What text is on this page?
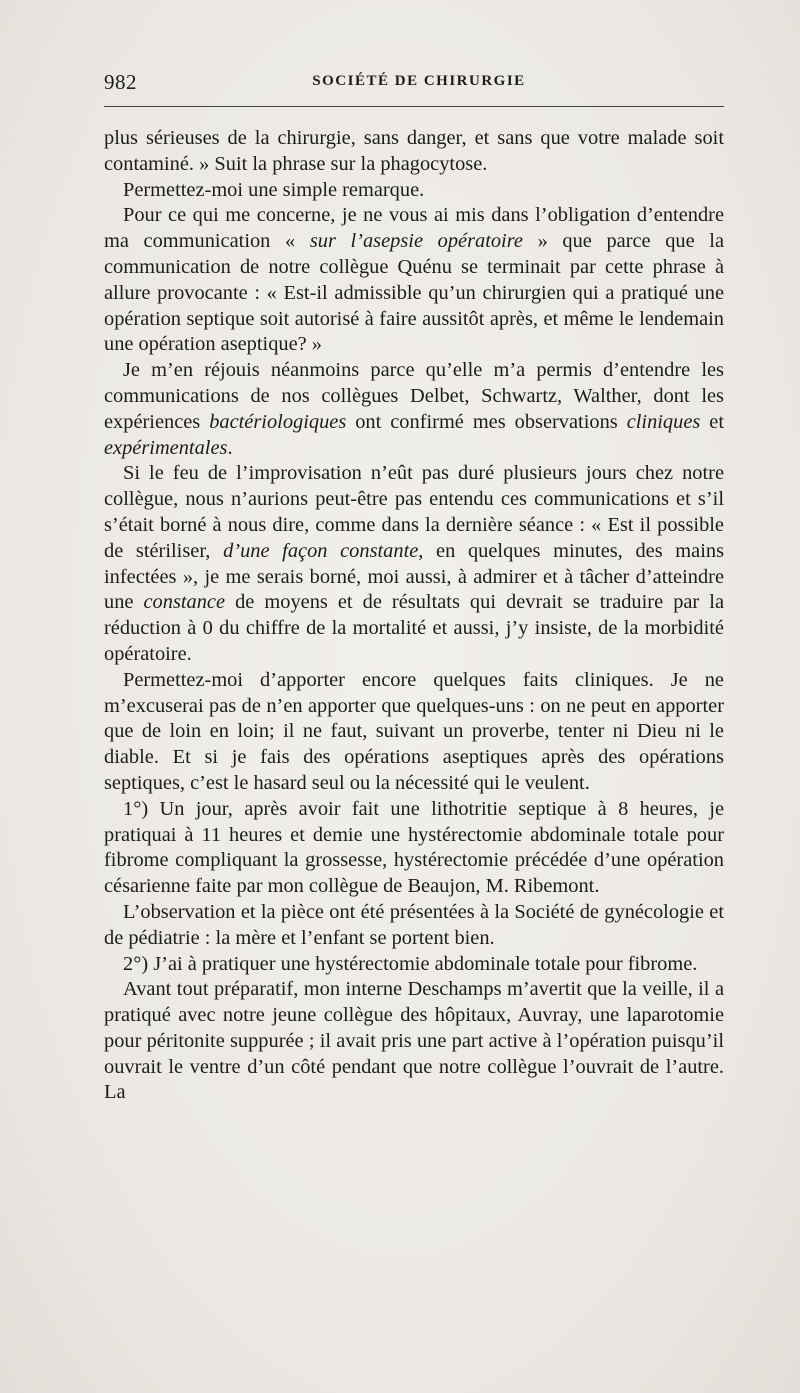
982	SOCIÉTÉ DE CHIRURGIE

plus sérieuses de la chirurgie, sans danger, et sans que votre malade soit contaminé. » Suit la phrase sur la phagocytose.

Permettez-moi une simple remarque.

Pour ce qui me concerne, je ne vous ai mis dans l’obligation d’entendre ma communication « sur l’asepsie opératoire » que parce que la communication de notre collègue Quénu se terminait par cette phrase à allure provocante : « Est-il admissible qu’un chirurgien qui a pratiqué une opération septique soit autorisé à faire aussitôt après, et même le lendemain une opération aseptique? »

Je m’en réjouis néanmoins parce qu’elle m’a permis d’entendre les communications de nos collègues Delbet, Schwartz, Walther, dont les expériences bactériologiques ont confirmé mes observations cliniques et expérimentales.

Si le feu de l’improvisation n’eût pas duré plusieurs jours chez notre collègue, nous n’aurions peut-être pas entendu ces communications et s’il s’était borné à nous dire, comme dans la dernière séance : « Est il possible de stériliser, d’une façon constante, en quelques minutes, des mains infectées », je me serais borné, moi aussi, à admirer et à tâcher d’atteindre une constance de moyens et de résultats qui devrait se traduire par la réduction à 0 du chiffre de la mortalité et aussi, j’y insiste, de la morbidité opératoire.

Permettez-moi d’apporter encore quelques faits cliniques. Je ne m’excuserai pas de n’en apporter que quelques-uns : on ne peut en apporter que de loin en loin; il ne faut, suivant un proverbe, tenter ni Dieu ni le diable. Et si je fais des opérations aseptiques après des opérations septiques, c’est le hasard seul ou la nécessité qui le veulent.

1°) Un jour, après avoir fait une lithotritie septique à 8 heures, je pratiquai à 11 heures et demie une hystérectomie abdominale totale pour fibrome compliquant la grossesse, hystérectomie précédée d’une opération césarienne faite par mon collègue de Beaujon, M. Ribemont.

L’observation et la pièce ont été présentées à la Société de gynécologie et de pédiatrie : la mère et l’enfant se portent bien.

2°) J’ai à pratiquer une hystérectomie abdominale totale pour fibrome.

Avant tout préparatif, mon interne Deschamps m’avertit que la veille, il a pratiqué avec notre jeune collègue des hôpitaux, Auvray, une laparotomie pour péritonite suppurée ; il avait pris une part active à l’opération puisqu’il ouvrait le ventre d’un côté pendant que notre collègue l’ouvrait de l’autre. La
